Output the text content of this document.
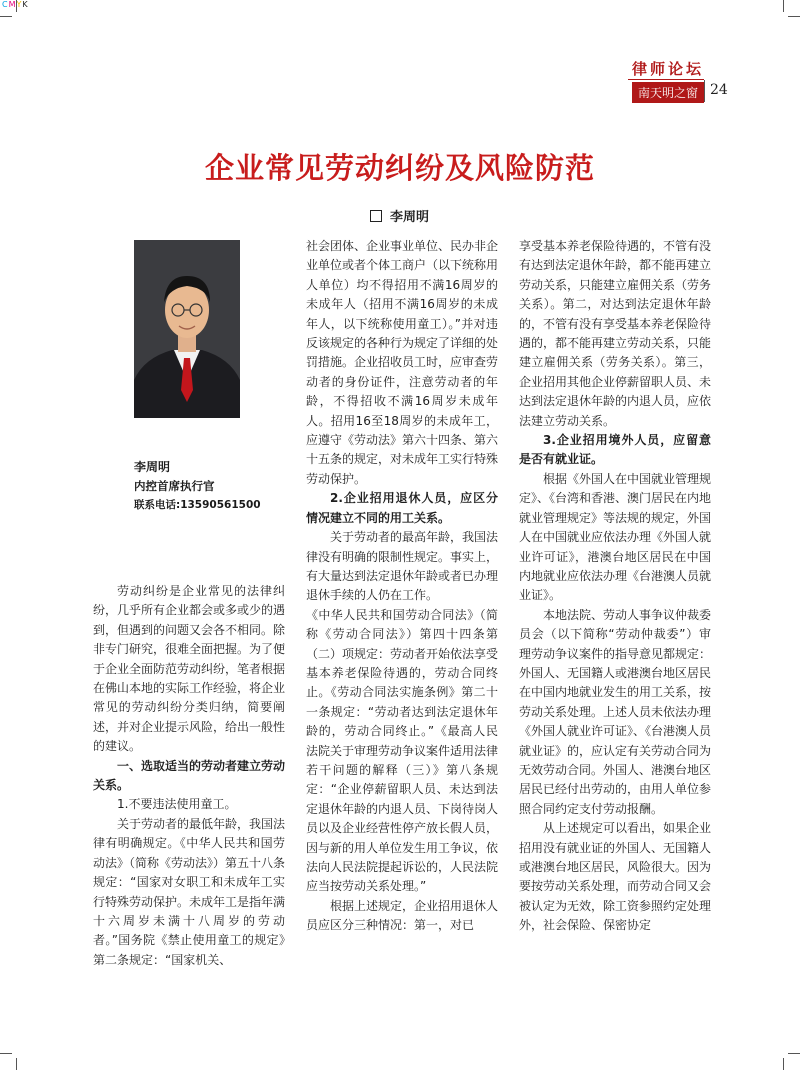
CMYK
律师论坛
南天明之窗 24
企业常见劳动纠纷及风险防范
李周明
李周明
内控首席执行官
联系电话:13590561500

劳动纠纷是企业常见的法律纠纷，几乎所有企业都会或多或少的遇到，但遇到的问题又会各不相同。除非专门研究，很难全面把握。为了便于企业全面防范劳动纠纷，笔者根据在佛山本地的实际工作经验，将企业常见的劳动纠纷分类归纳，简要阐述，并对企业提示风险，给出一般性的建议。

一、选取适当的劳动者建立劳动关系。

1.不要违法使用童工。

关于劳动者的最低年龄，我国法律有明确规定。《中华人民共和国劳动法》（简称《劳动法》）第五十八条规定：“国家对女职工和未成年工实行特殊劳动保护。未成年工是指年满十六周岁未满十八周岁的劳动者。”国务院《禁止使用童工的规定》第二条规定：“国家机关、

社会团体、企业事业单位、民办非企业单位或者个体工商户（以下统称用人单位）均不得招用不满16周岁的未成年人（招用不满16周岁的未成年人，以下统称使用童工）。”并对违反该规定的各种行为规定了详细的处罚措施。企业招收员工时，应审查劳动者的身份证件，注意劳动者的年龄，不得招收不满16周岁未成年人。招用16至18周岁的未成年工，应遵守《劳动法》第六十四条、第六十五条的规定，对未成年工实行特殊劳动保护。

2.企业招用退休人员，应区分情况建立不同的用工关系。

关于劳动者的最高年龄，我国法律没有明确的限制性规定。事实上，有大量达到法定退休年龄或者已办理退休手续的人仍在工作。

《中华人民共和国劳动合同法》（简称《劳动合同法》）第四十四条第（二）项规定：劳动者开始依法享受基本养老保险待遇的，劳动合同终止。《劳动合同法实施条例》第二十一条规定：“劳动者达到法定退休年龄的，劳动合同终止。”《最高人民法院关于审理劳动争议案件适用法律若干问题的解释（三）》第八条规定：“企业停薪留职人员、未达到法定退休年龄的内退人员、下岗待岗人员以及企业经营性停产放长假人员，因与新的用人单位发生用工争议，依法向人民法院提起诉讼的，人民法院应当按劳动关系处理。”

根据上述规定，企业招用退休人员应区分三种情况：第一，对已

享受基本养老保险待遇的，不管有没有达到法定退休年龄，都不能再建立劳动关系，只能建立雇佣关系（劳务关系）。第二，对达到法定退休年龄的，不管有没有享受基本养老保险待遇的，都不能再建立劳动关系，只能建立雇佣关系（劳务关系）。第三，企业招用其他企业停薪留职人员、未达到法定退休年龄的内退人员，应依法建立劳动关系。

3.企业招用境外人员，应留意是否有就业证。

根据《外国人在中国就业管理规定》、《台湾和香港、澳门居民在内地就业管理规定》等法规的规定，外国人在中国就业应依法办理《外国人就业许可证》，港澳台地区居民在中国内地就业应依法办理《台港澳人员就业证》。

本地法院、劳动人事争议仲裁委员会（以下简称“劳动仲裁委”）审理劳动争议案件的指导意见都规定：外国人、无国籍人或港澳台地区居民在中国内地就业发生的用工关系，按劳动关系处理。上述人员未依法办理《外国人就业许可证》、《台港澳人员就业证》的，应认定有关劳动合同为无效劳动合同。外国人、港澳台地区居民已经付出劳动的，由用人单位参照合同约定支付劳动报酬。

从上述规定可以看出，如果企业招用没有就业证的外国人、无国籍人或港澳台地区居民，风险很大。因为要按劳动关系处理，而劳动合同又会被认定为无效，除工资参照约定处理外，社会保险、保密协定
